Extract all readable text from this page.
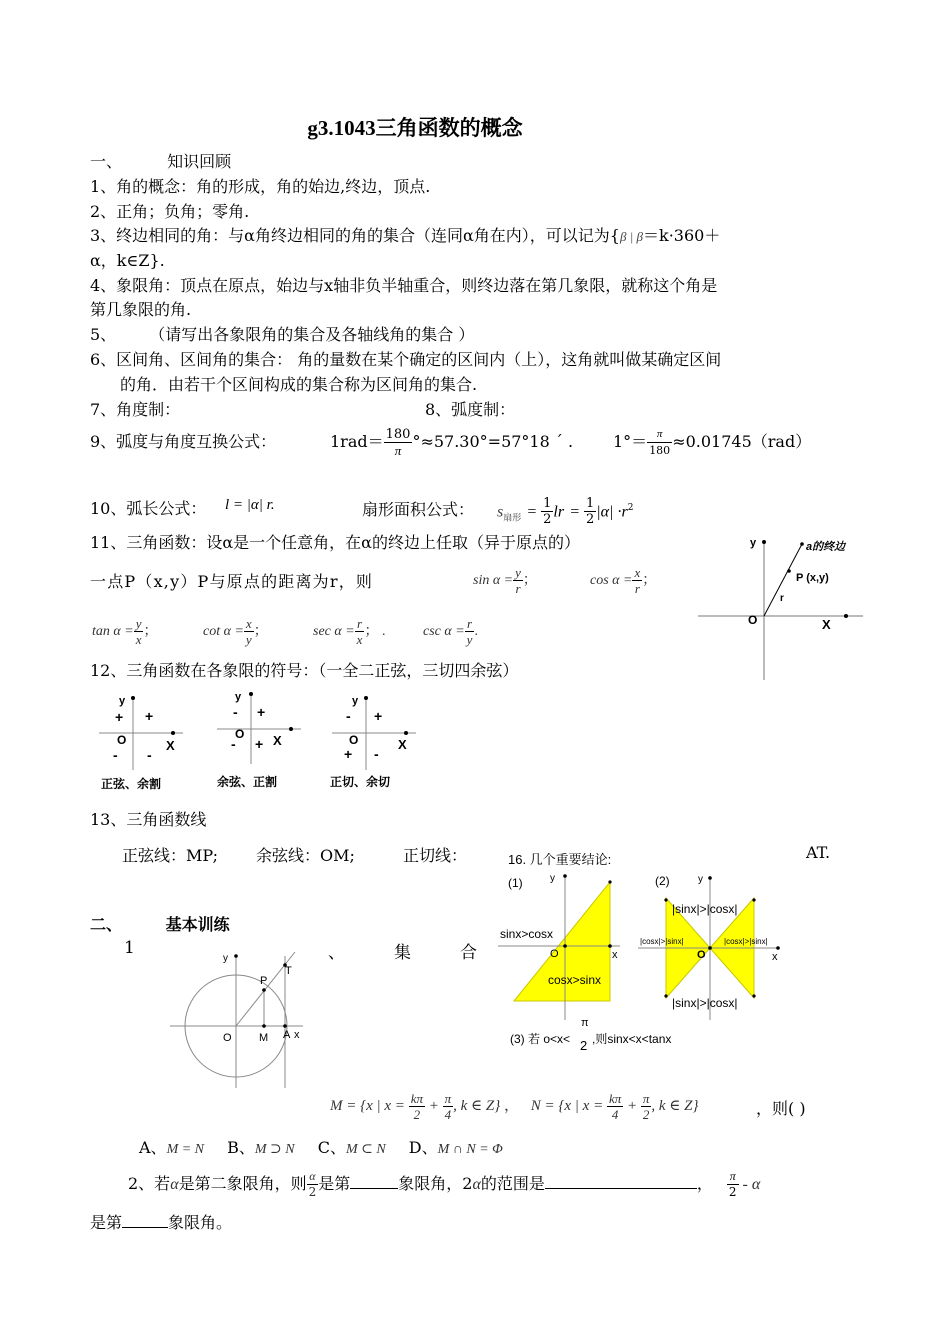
g3.1043三角函数的概念
一、	知识回顾
1、角的概念：角的形成，角的始边,终边，顶点.
2、正角；负角；零角.
3、终边相同的角：与α角终边相同的角的集合（连同α角在内），可以记为{β | β＝k·360＋
α，k∈Z}.
4、象限角：顶点在原点，始边与x轴非负半轴重合，则终边落在第几象限，就称这个角是
第几象限的角.
5、 （请写出各象限角的集合及各轴线角的集合 ）
6、区间角、区间角的集合： 角的量数在某个确定的区间内（上），这角就叫做某确定区间
的角．由若干个区间构成的集合称为区间角的集合.
7、角度制：	8、弧度制：
9、弧度与角度互换公式：	$1rad= \frac{180}{\pi} ^\circ\approx 57.30^\circ=57^\circ 18$ ˊ . $1^\circ= \frac{\pi}{180} \approx 0.01745(rad)$
10、弧长公式： l = |α| r.	扇形面积公式： $s_{扇形} = \frac{1}{2}$ lr = $\frac{1}{2} |\alpha| \cdot r^2$
11、三角函数：设α是一个任意角，在α的终边上任取（异于原点的）
一点P（x,y）P与原点的距离为r，则	$\sin \alpha = \frac{y}{r}$ ；	$\cos \alpha = \frac{x}{r}$ ；
$\tan \alpha = \frac{y}{x}$ ；	$\cot \alpha = \frac{x}{y}$ ；	$\sec \alpha = \frac{r}{x}$ ； .	$\csc \alpha = \frac{r}{y}$ .
y	a的终边
P (x,y)
r
O	X
12、三角函数在各象限的符号：（一全二正弦，三切四余弦）
y
+ +
O
- -
X
正弦、余割
y
- +
O
- + X
余弦、正割
y
- +
O
+ -
X
正切、余切
13、三角函数线
正弦线：MP; 余弦线：OM;	正切线：	AT.
二、	基本训练
1	、	集	合
y
P
T
O M A x
16. 几个重要结论:
(1)	y
sinx>cosx
O	x
cosx>sinx
(2)	y
|sinx|>|cosx|
|cosx|>|sinx|	|cosx|>|sinx|
O	x
|sinx|>|cosx|
(3) 若 o<x<
π
2 ,则sinx<x<tanx
M = {x | $x = \frac{k\pi}{2} + \frac{\pi}{4}$ , k ∈ Z} ， N = {x | $x = \frac{k\pi}{4} + \frac{\pi}{2}$ , k ∈ Z}	，则( )
A、M = N B、M ⊃ N C、M ⊂ N D、M ∩ N = Φ
2、若α是第二象限角，则 $\frac{\alpha}{2}$ 是第	象限角，2α的范围是	， $\frac{\pi}{2}$ - α
是第	象限角。
